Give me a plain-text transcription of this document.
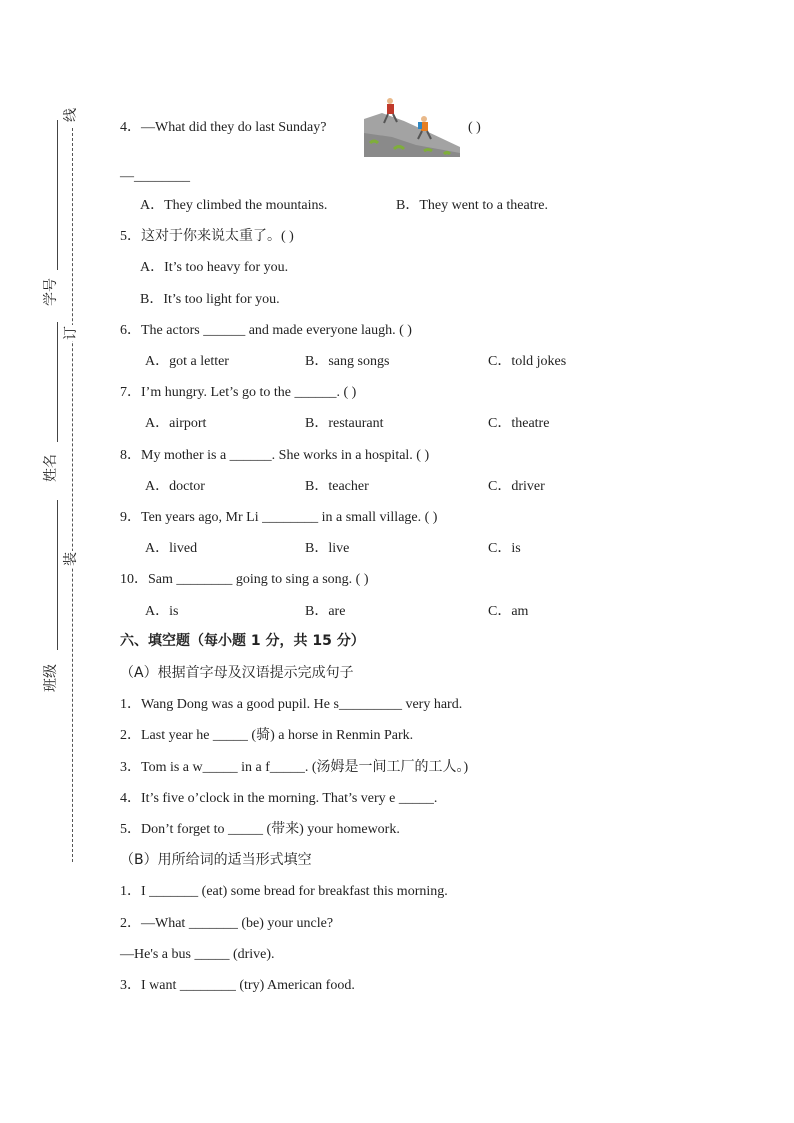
学号
姓名
班级
线
订
装
4．—What did they do last Sunday?	( )
—________
A．They climbed the mountains.	B．They went to a theatre.
5．这对于你来说太重了。( )
A．It’s too heavy for you.
B．It’s too light for you.
6．The actors ______ and made everyone laugh. ( )
A．got a letter	B．sang songs	C．told jokes
7．I’m hungry. Let’s go to the ______. ( )
A．airport	B．restaurant	C．theatre
8．My mother is a ______. She works in a hospital. ( )
A．doctor	B．teacher	C．driver
9．Ten years ago, Mr Li ________ in a small village. ( )
A．lived	B．live	C．is
10．Sam ________ going to sing a song. ( )
A．is	B．are	C．am
六、填空题（每小题 1 分，共 15 分）
（A）根据首字母及汉语提示完成句子
1．Wang Dong was a good pupil. He s_________ very hard.
2．Last year he _____ (骑) a horse in Renmin Park.
3．Tom is a w_____ in a f_____. (汤姆是一间工厂的工人。)
4．It’s five o’clock in the morning. That’s very e _____.
5．Don’t forget to _____ (带来) your homework.
（B）用所给词的适当形式填空
1．I _______ (eat) some bread for breakfast this morning.
2．—What _______ (be) your uncle?
—He's a bus _____ (drive).
3．I want ________ (try) American food.
